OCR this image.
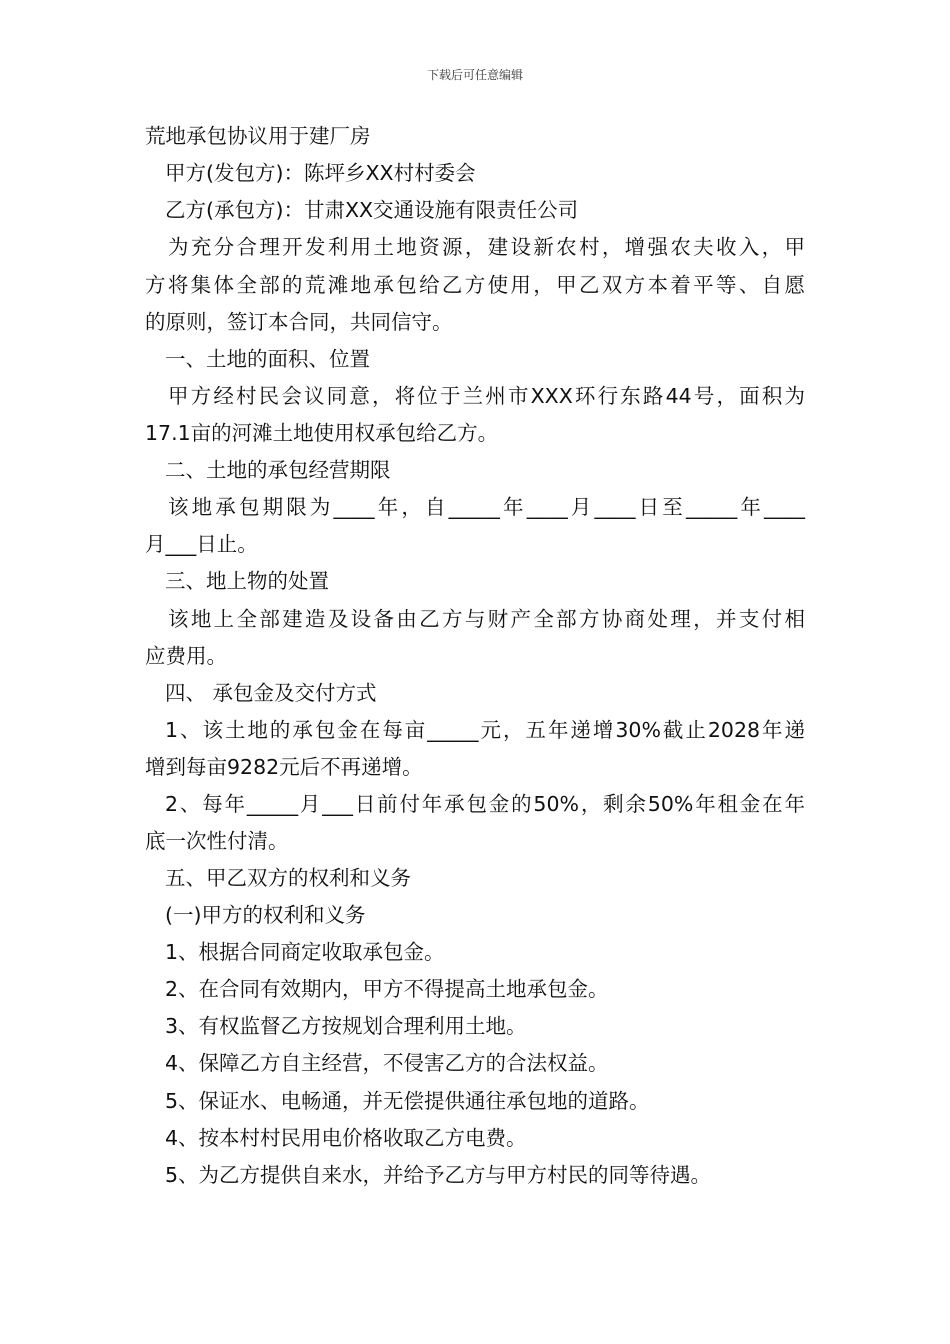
下载后可任意编辑
荒地承包协议用于建厂房
甲方(发包方)：陈坪乡XX村村委会
乙方(承包方)：甘肃XX交通设施有限责任公司
为充分合理开发利用土地资源，建设新农村，增强农夫收入，甲
方将集体全部的荒滩地承包给乙方使用，甲乙双方本着平等、自愿
的原则，签订本合同，共同信守。
一、土地的面积、位置
甲方经村民会议同意，将位于兰州市XXX环行东路44号，面积为
17.1亩的河滩土地使用权承包给乙方。
二、土地的承包经营期限
该地承包期限为____年，自_____年____月____日至_____年____
月___日止。
三、地上物的处置
该地上全部建造及设备由乙方与财产全部方协商处理，并支付相
应费用。
四、 承包金及交付方式
1、该土地的承包金在每亩_____元，五年递增30%截止2028年递
增到每亩9282元后不再递增。
2、每年_____月___日前付年承包金的50%，剩余50%年租金在年
底一次性付清。
五、甲乙双方的权利和义务
(一)甲方的权利和义务
1、根据合同商定收取承包金。
2、在合同有效期内，甲方不得提高土地承包金。
3、有权监督乙方按规划合理利用土地。
4、保障乙方自主经营，不侵害乙方的合法权益。
5、保证水、电畅通，并无偿提供通往承包地的道路。
4、按本村村民用电价格收取乙方电费。
5、为乙方提供自来水，并给予乙方与甲方村民的同等待遇。
